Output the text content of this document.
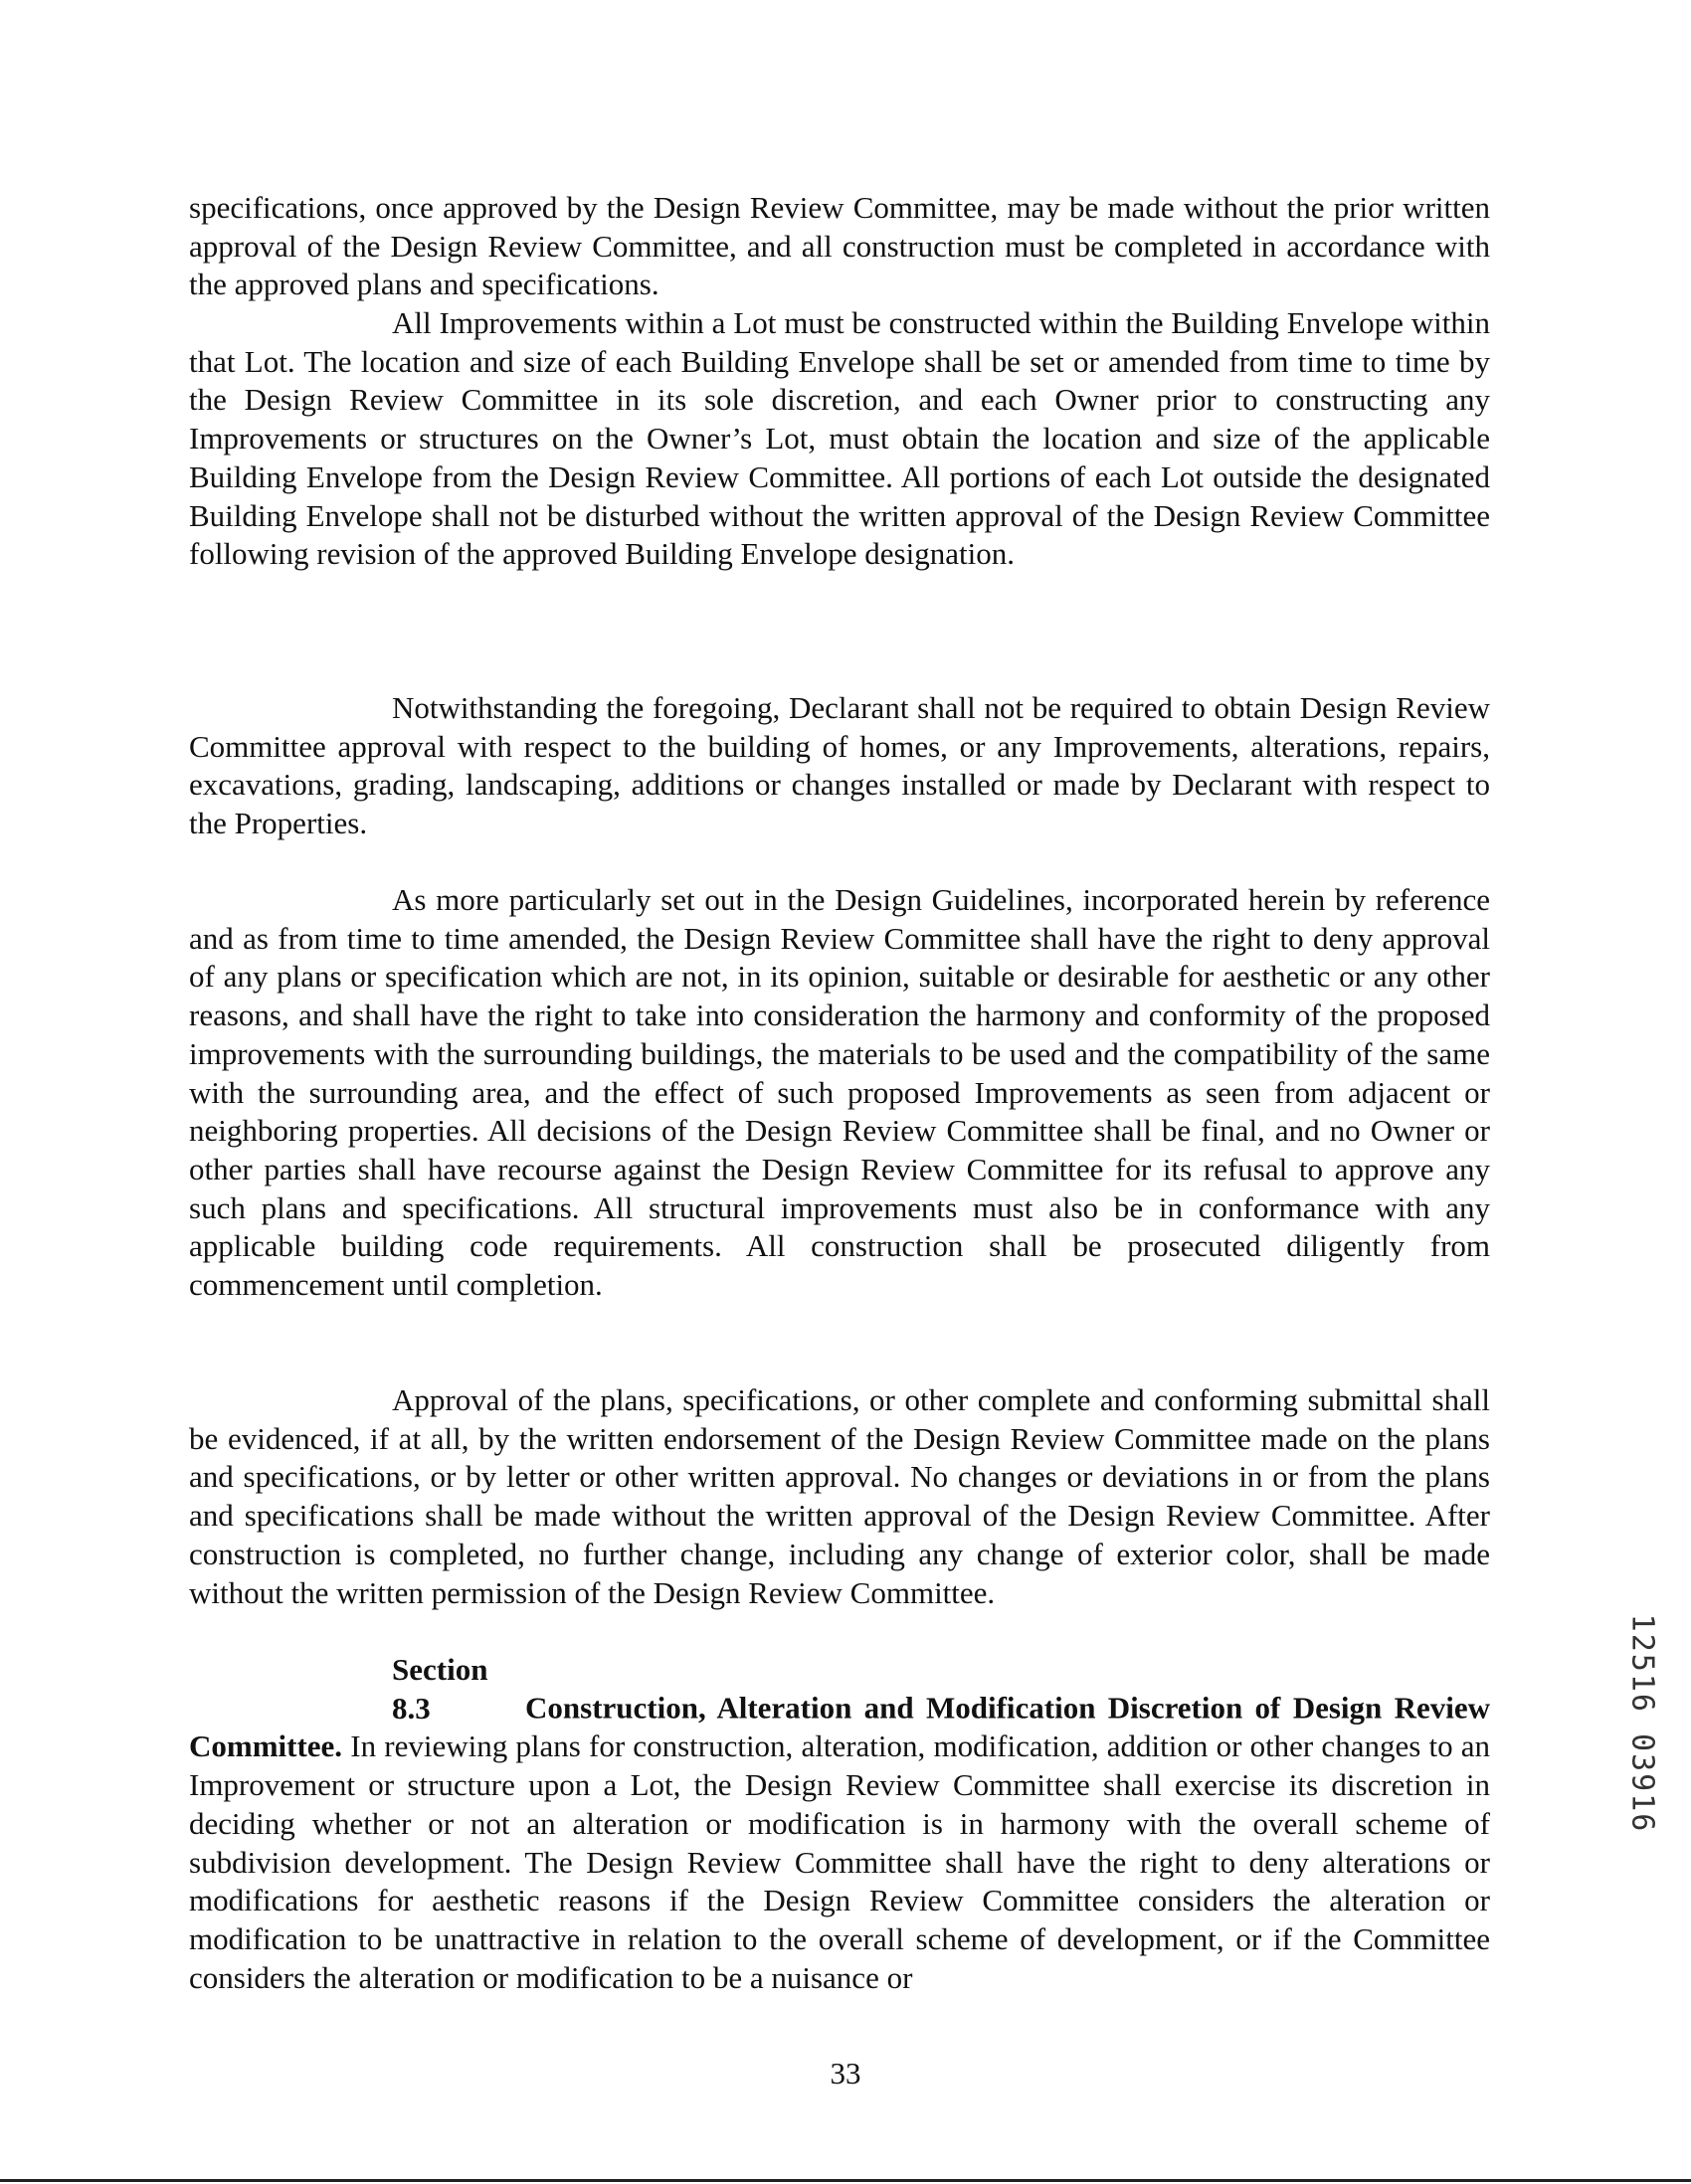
specifications, once approved by the Design Review Committee, may be made without the prior written approval of the Design Review Committee, and all construction must be completed in accordance with the approved plans and specifications.

All Improvements within a Lot must be constructed within the Building Envelope within that Lot. The location and size of each Building Envelope shall be set or amended from time to time by the Design Review Committee in its sole discretion, and each Owner prior to constructing any Improvements or structures on the Owner’s Lot, must obtain the location and size of the applicable Building Envelope from the Design Review Committee. All portions of each Lot outside the designated Building Envelope shall not be disturbed without the written approval of the Design Review Committee following revision of the approved Building Envelope designation.

Notwithstanding the foregoing, Declarant shall not be required to obtain Design Review Committee approval with respect to the building of homes, or any Improvements, alterations, repairs, excavations, grading, landscaping, additions or changes installed or made by Declarant with respect to the Properties.

As more particularly set out in the Design Guidelines, incorporated herein by reference and as from time to time amended, the Design Review Committee shall have the right to deny approval of any plans or specification which are not, in its opinion, suitable or desirable for aesthetic or any other reasons, and shall have the right to take into consideration the harmony and conformity of the proposed improvements with the surrounding buildings, the materials to be used and the compatibility of the same with the surrounding area, and the effect of such proposed Improvements as seen from adjacent or neighboring properties. All decisions of the Design Review Committee shall be final, and no Owner or other parties shall have recourse against the Design Review Committee for its refusal to approve any such plans and specifications. All structural improvements must also be in conformance with any applicable building code requirements. All construction shall be prosecuted diligently from commencement until completion.

Approval of the plans, specifications, or other complete and conforming submittal shall be evidenced, if at all, by the written endorsement of the Design Review Committee made on the plans and specifications, or by letter or other written approval. No changes or deviations in or from the plans and specifications shall be made without the written approval of the Design Review Committee. After construction is completed, no further change, including any change of exterior color, shall be made without the written permission of the Design Review Committee.

Section 8.3	Construction, Alteration and Modification Discretion of Design Review Committee. In reviewing plans for construction, alteration, modification, addition or other changes to an Improvement or structure upon a Lot, the Design Review Committee shall exercise its discretion in deciding whether or not an alteration or modification is in harmony with the overall scheme of subdivision development. The Design Review Committee shall have the right to deny alterations or modifications for aesthetic reasons if the Design Review Committee considers the alteration or modification to be unattractive in relation to the overall scheme of development, or if the Committee considers the alteration or modification to be a nuisance or

33

12516 03916
